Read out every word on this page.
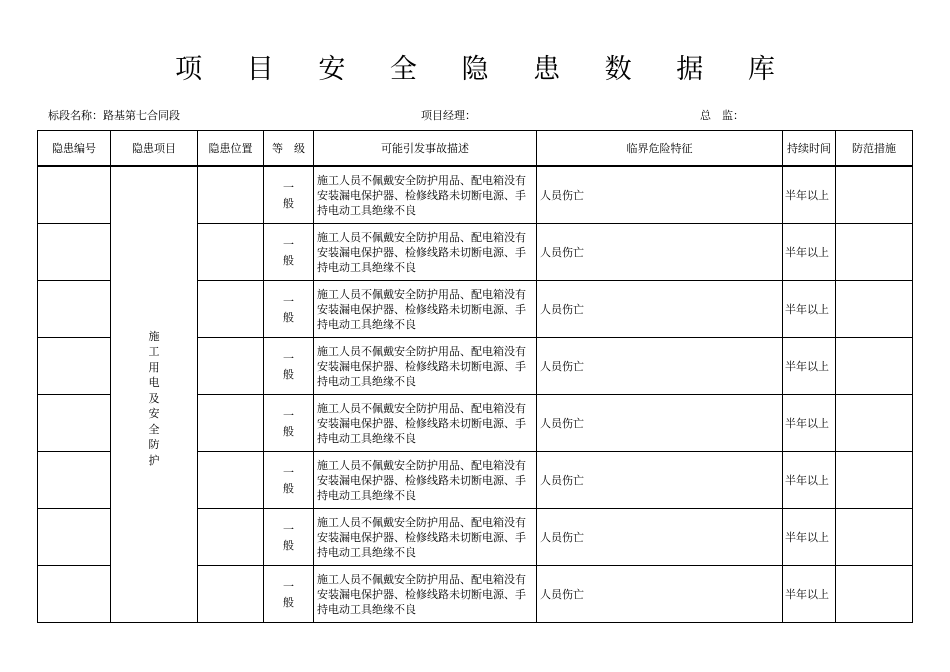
项 目 安 全 隐 患 数 据 库
标段名称：路基第七合同段	项目经理：	总　监：
隐患编号	隐患项目	隐患位置	等　级	可能引发事故描述	临界危险特征	持续时间	防范措施
	施工用电及安全防护		一 般	施工人员不佩戴安全防护用品、配电箱没有安装漏电保护器、检修线路未切断电源、手持电动工具绝缘不良	人员伤亡	半年以上	
			一 般	施工人员不佩戴安全防护用品、配电箱没有安装漏电保护器、检修线路未切断电源、手持电动工具绝缘不良	人员伤亡	半年以上	
			一 般	施工人员不佩戴安全防护用品、配电箱没有安装漏电保护器、检修线路未切断电源、手持电动工具绝缘不良	人员伤亡	半年以上	
			一 般	施工人员不佩戴安全防护用品、配电箱没有安装漏电保护器、检修线路未切断电源、手持电动工具绝缘不良	人员伤亡	半年以上	
			一 般	施工人员不佩戴安全防护用品、配电箱没有安装漏电保护器、检修线路未切断电源、手持电动工具绝缘不良	人员伤亡	半年以上	
			一 般	施工人员不佩戴安全防护用品、配电箱没有安装漏电保护器、检修线路未切断电源、手持电动工具绝缘不良	人员伤亡	半年以上	
			一 般	施工人员不佩戴安全防护用品、配电箱没有安装漏电保护器、检修线路未切断电源、手持电动工具绝缘不良	人员伤亡	半年以上	
			一 般	施工人员不佩戴安全防护用品、配电箱没有安装漏电保护器、检修线路未切断电源、手持电动工具绝缘不良	人员伤亡	半年以上	
